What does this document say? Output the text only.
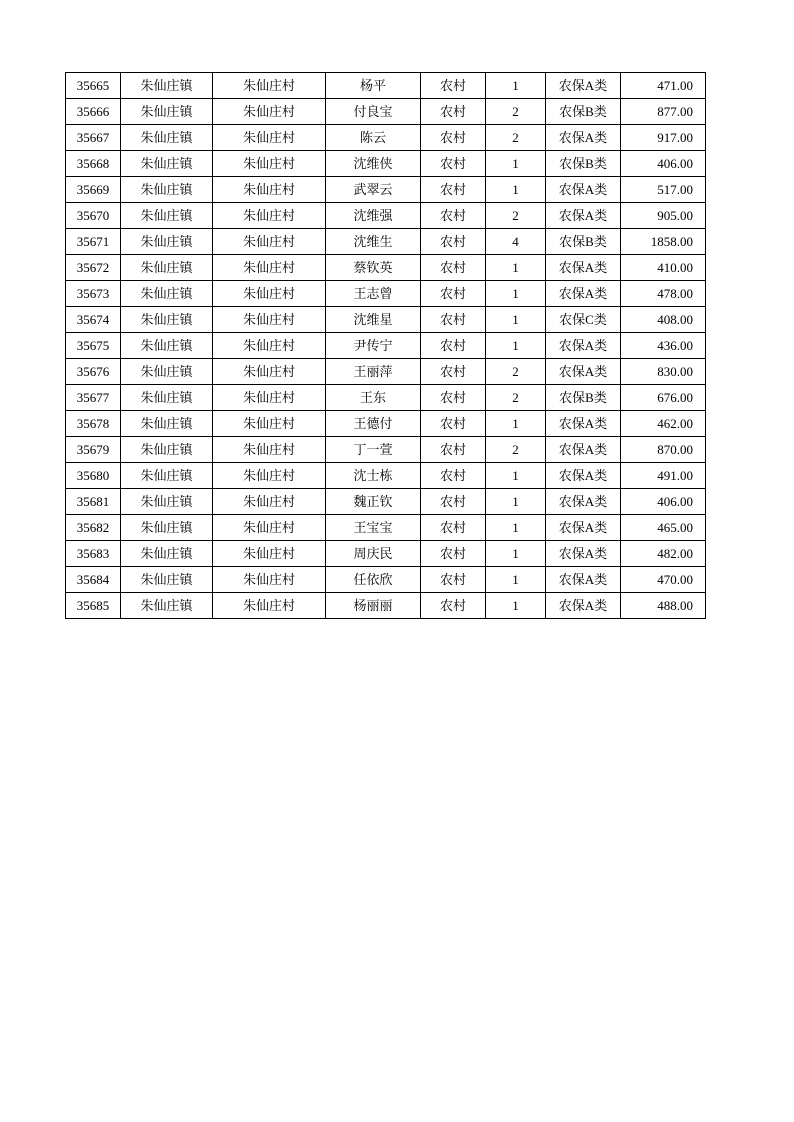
35665	朱仙庄镇	朱仙庄村	杨平	农村	1	农保A类	471.00
35666	朱仙庄镇	朱仙庄村	付良宝	农村	2	农保B类	877.00
35667	朱仙庄镇	朱仙庄村	陈云	农村	2	农保A类	917.00
35668	朱仙庄镇	朱仙庄村	沈维侠	农村	1	农保B类	406.00
35669	朱仙庄镇	朱仙庄村	武翠云	农村	1	农保A类	517.00
35670	朱仙庄镇	朱仙庄村	沈维强	农村	2	农保A类	905.00
35671	朱仙庄镇	朱仙庄村	沈维生	农村	4	农保B类	1858.00
35672	朱仙庄镇	朱仙庄村	蔡钦英	农村	1	农保A类	410.00
35673	朱仙庄镇	朱仙庄村	王志曾	农村	1	农保A类	478.00
35674	朱仙庄镇	朱仙庄村	沈维星	农村	1	农保C类	408.00
35675	朱仙庄镇	朱仙庄村	尹传宁	农村	1	农保A类	436.00
35676	朱仙庄镇	朱仙庄村	王丽萍	农村	2	农保A类	830.00
35677	朱仙庄镇	朱仙庄村	王东	农村	2	农保B类	676.00
35678	朱仙庄镇	朱仙庄村	王德付	农村	1	农保A类	462.00
35679	朱仙庄镇	朱仙庄村	丁一萱	农村	2	农保A类	870.00
35680	朱仙庄镇	朱仙庄村	沈士栋	农村	1	农保A类	491.00
35681	朱仙庄镇	朱仙庄村	魏正钦	农村	1	农保A类	406.00
35682	朱仙庄镇	朱仙庄村	王宝宝	农村	1	农保A类	465.00
35683	朱仙庄镇	朱仙庄村	周庆民	农村	1	农保A类	482.00
35684	朱仙庄镇	朱仙庄村	任依欣	农村	1	农保A类	470.00
35685	朱仙庄镇	朱仙庄村	杨丽丽	农村	1	农保A类	488.00
